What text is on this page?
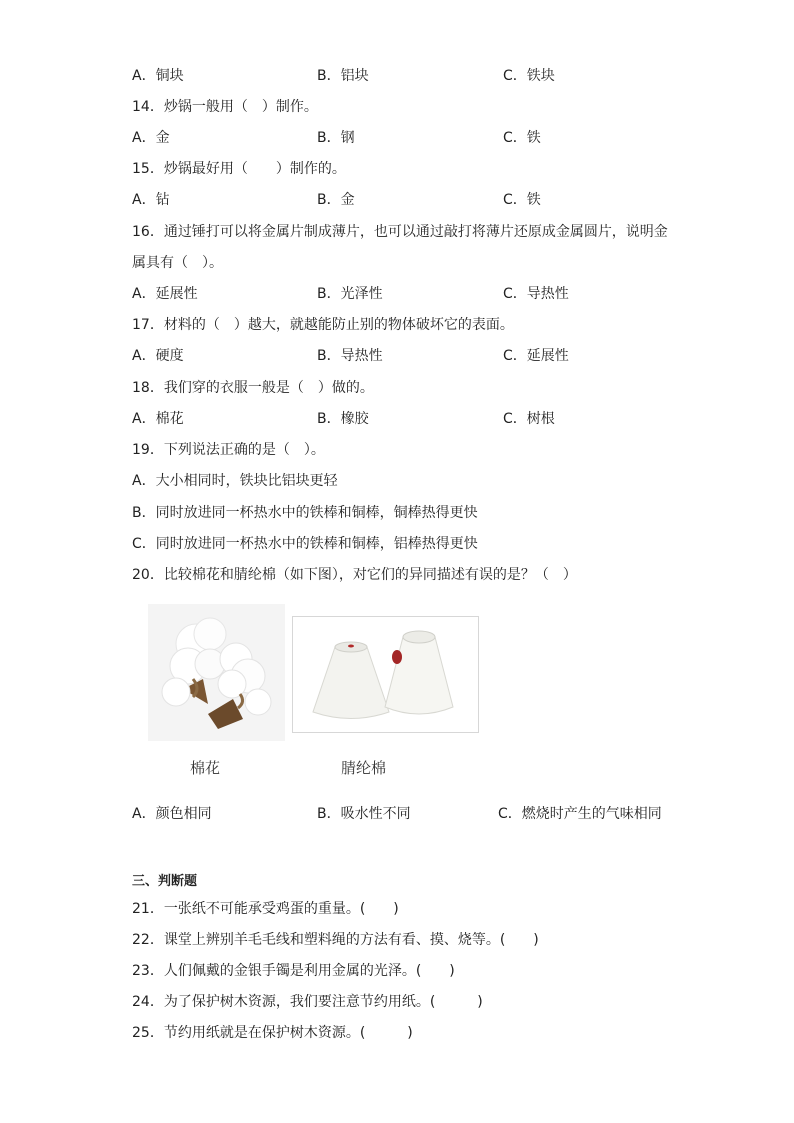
A．铜块	B．铝块	C．铁块
14．炒锅一般用（　）制作。
A．金	B．钢	C．铁
15．炒锅最好用（　　）制作的。
A．钻	B．金	C．铁
16．通过锤打可以将金属片制成薄片，也可以通过敲打将薄片还原成金属圆片，说明金
属具有（　）。
A．延展性	B．光泽性	C．导热性
17．材料的（　）越大，就越能防止别的物体破坏它的表面。
A．硬度	B．导热性	C．延展性
18．我们穿的衣服一般是（　）做的。
A．棉花	B．橡胶	C．树根
19．下列说法正确的是（　）。
A．大小相同时，铁块比铝块更轻
B．同时放进同一杯热水中的铁棒和铜棒，铜棒热得更快
C．同时放进同一杯热水中的铁棒和铜棒，铝棒热得更快
20．比较棉花和腈纶棉（如下图），对它们的异同描述有误的是？（　）
棉花	腈纶棉
A．颜色相同	B．吸水性不同	C．燃烧时产生的气味相同
三、判断题
21．一张纸不可能承受鸡蛋的重量。(　　)
22．课堂上辨别羊毛毛线和塑料绳的方法有看、摸、烧等。(　　)
23．人们佩戴的金银手镯是利用金属的光泽。(　　)
24．为了保护树木资源，我们要注意节约用纸。(　　　)
25．节约用纸就是在保护树木资源。(　　　)
